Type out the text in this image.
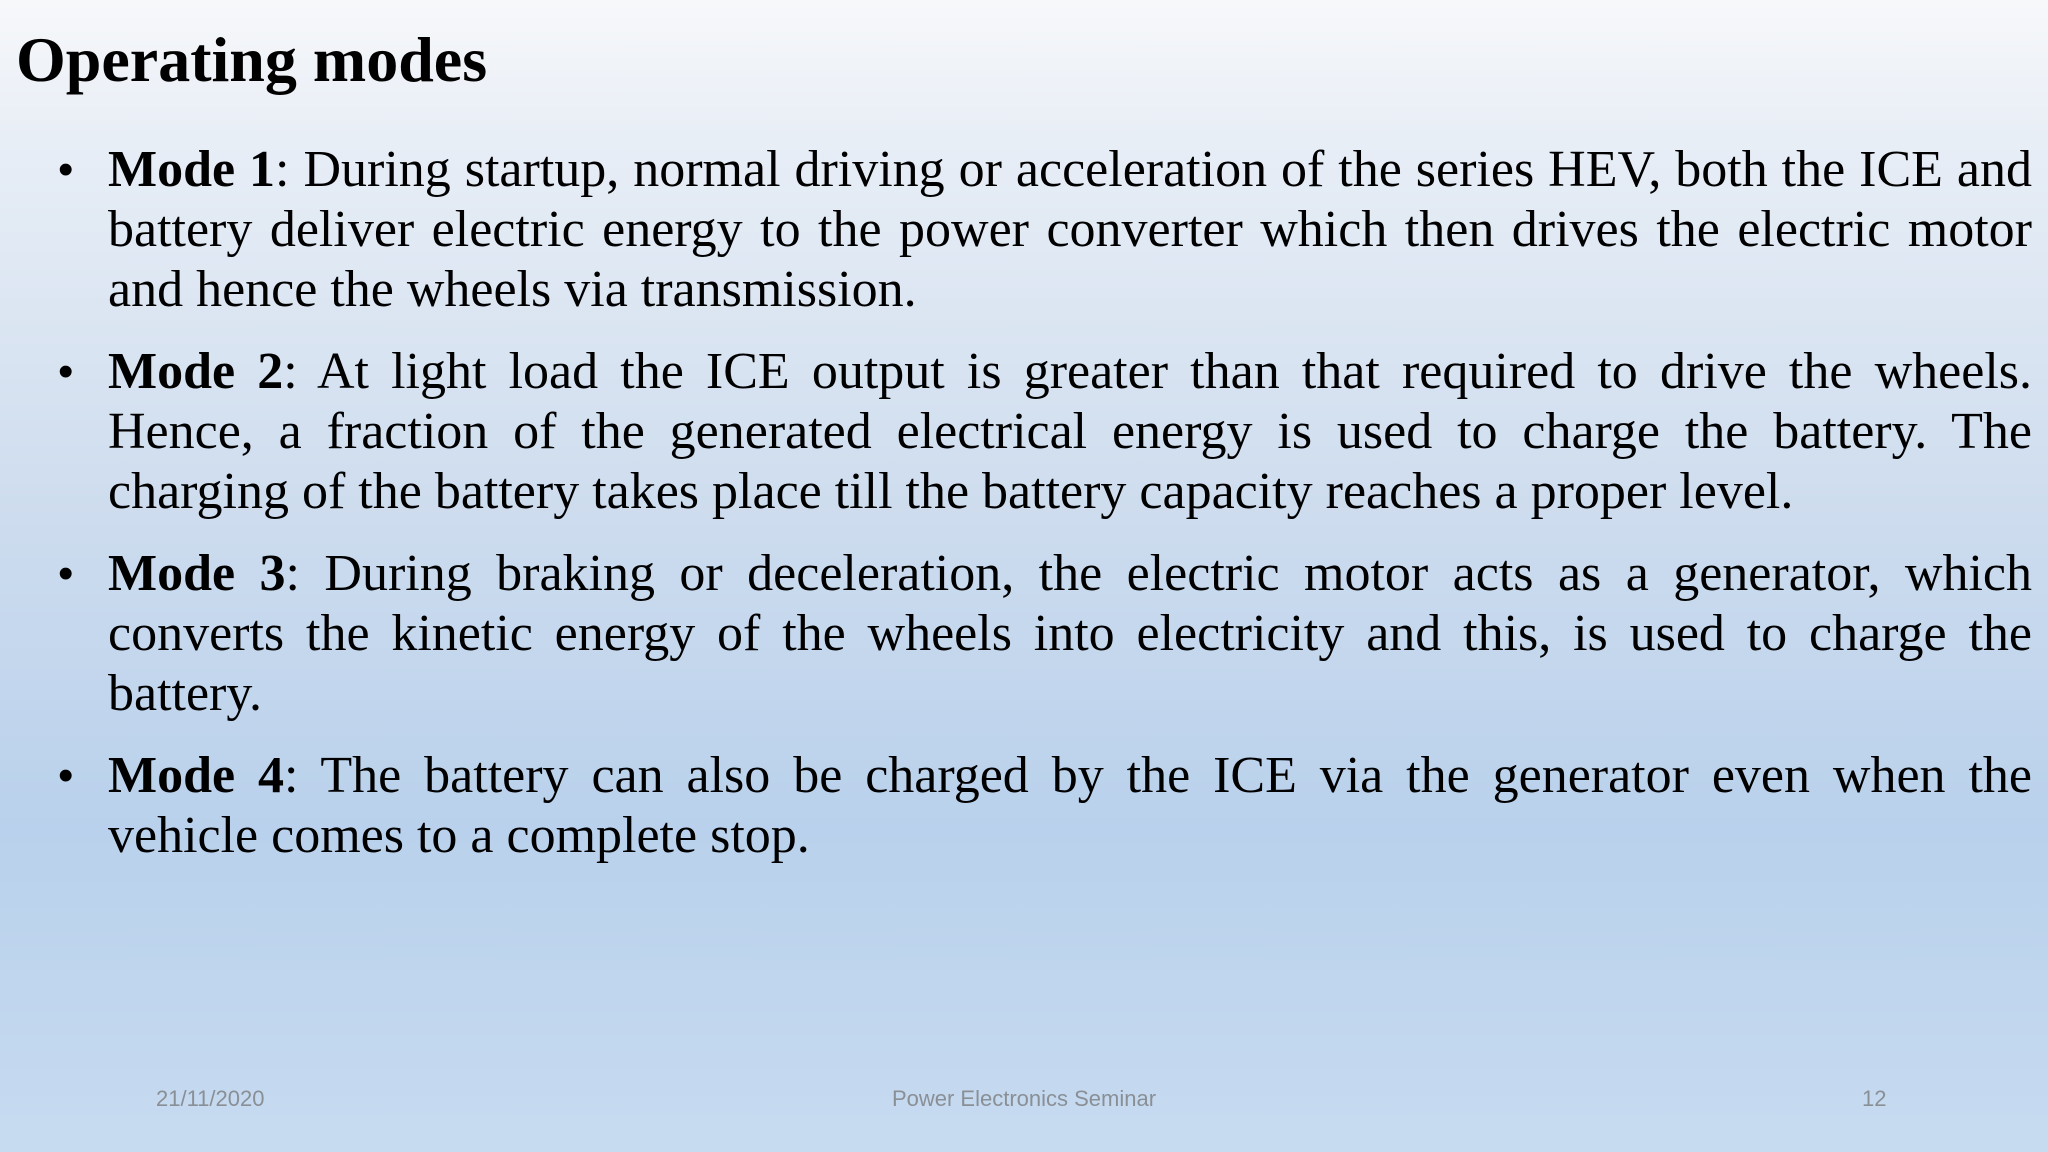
Operating modes
• Mode 1: During startup, normal driving or acceleration of the series HEV, both the ICE and battery deliver electric energy to the power converter which then drives the electric motor and hence the wheels via transmission.
• Mode 2: At light load the ICE output is greater than that required to drive the wheels. Hence, a fraction of the generated electrical energy is used to charge the battery. The charging of the battery takes place till the battery capacity reaches a proper level.
• Mode 3: During braking or deceleration, the electric motor acts as a generator, which converts the kinetic energy of the wheels into electricity and this, is used to charge the battery.
• Mode 4: The battery can also be charged by the ICE via the generator even when the vehicle comes to a complete stop.
21/11/2020	Power Electronics Seminar	12
